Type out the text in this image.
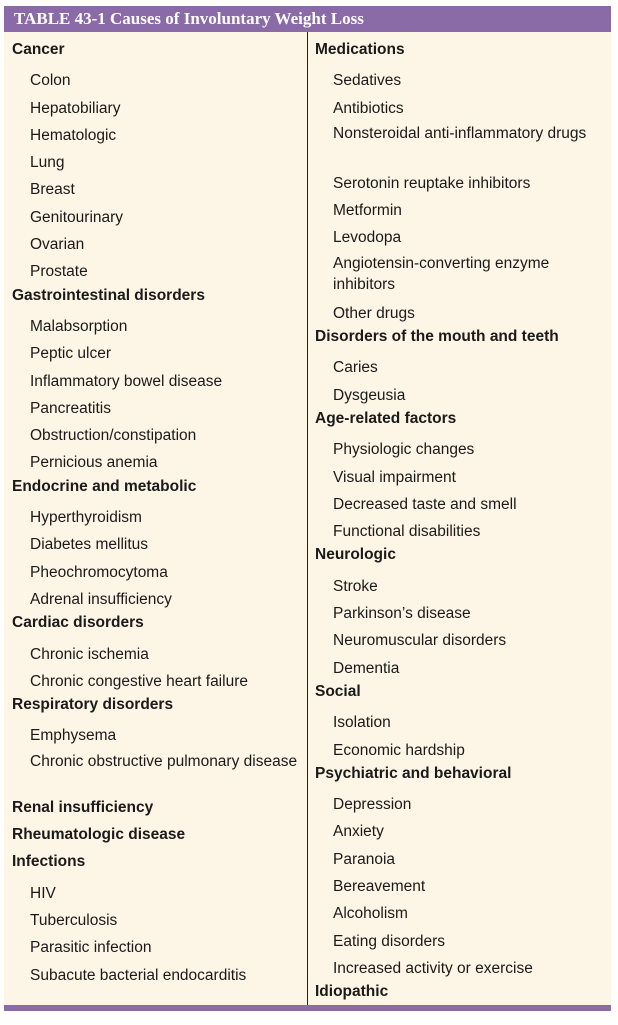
TABLE 43-1 Causes of Involuntary Weight Loss
Cancer
Colon
Hepatobiliary
Hematologic
Lung
Breast
Genitourinary
Ovarian
Prostate
Gastrointestinal disorders
Malabsorption
Peptic ulcer
Inflammatory bowel disease
Pancreatitis
Obstruction/constipation
Pernicious anemia
Endocrine and metabolic
Hyperthyroidism
Diabetes mellitus
Pheochromocytoma
Adrenal insufficiency
Cardiac disorders
Chronic ischemia
Chronic congestive heart failure
Respiratory disorders
Emphysema
Chronic obstructive pulmonary disease
Renal insufficiency
Rheumatologic disease
Infections
HIV
Tuberculosis
Parasitic infection
Subacute bacterial endocarditis
Medications
Sedatives
Antibiotics
Nonsteroidal anti-inflammatory drugs
Serotonin reuptake inhibitors
Metformin
Levodopa
Angiotensin-converting enzyme inhibitors
Other drugs
Disorders of the mouth and teeth
Caries
Dysgeusia
Age-related factors
Physiologic changes
Visual impairment
Decreased taste and smell
Functional disabilities
Neurologic
Stroke
Parkinson’s disease
Neuromuscular disorders
Dementia
Social
Isolation
Economic hardship
Psychiatric and behavioral
Depression
Anxiety
Paranoia
Bereavement
Alcoholism
Eating disorders
Increased activity or exercise
Idiopathic
